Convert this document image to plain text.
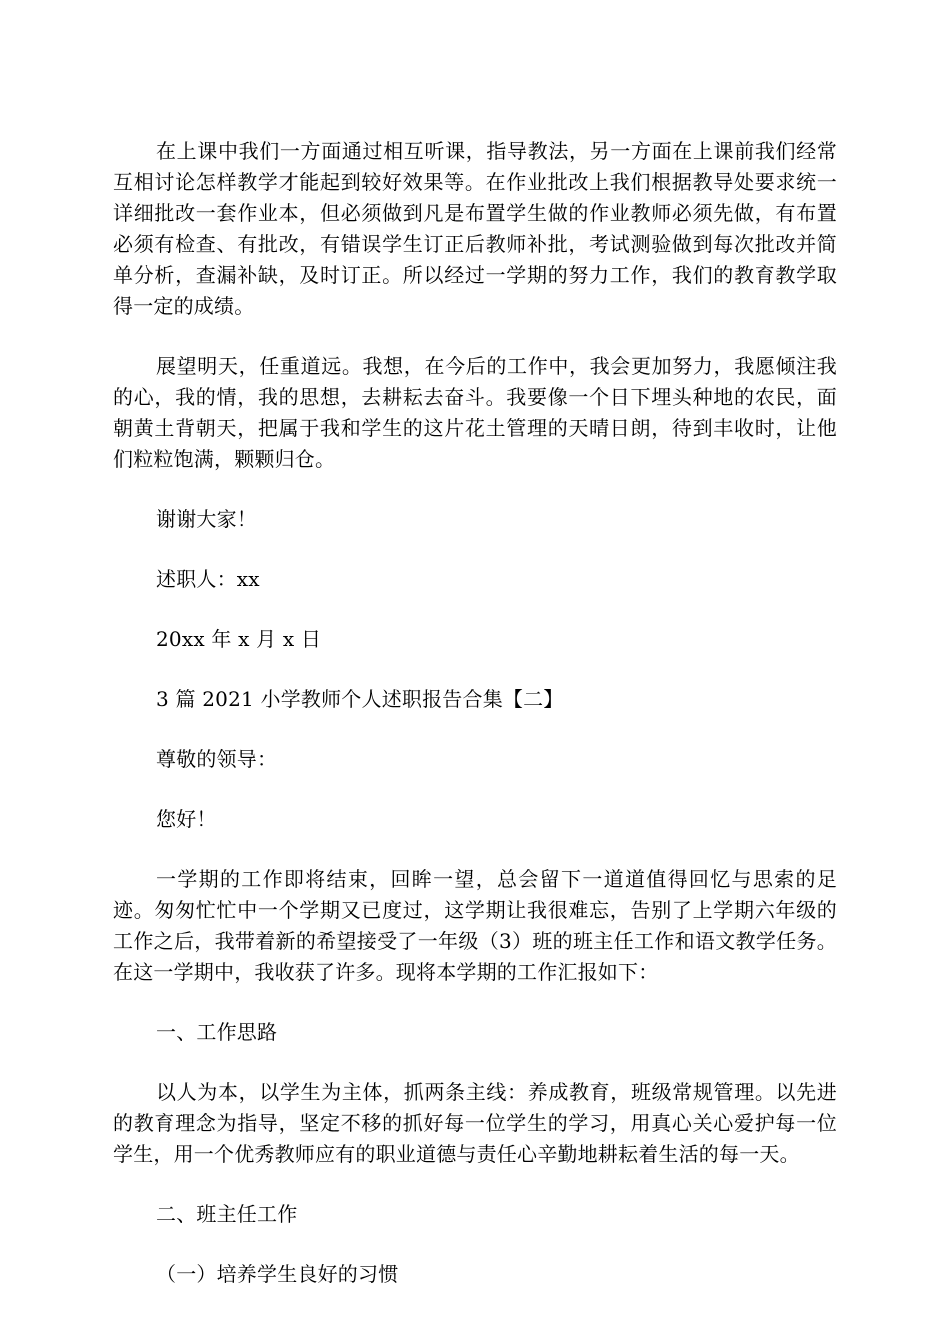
在上课中我们一方面通过相互听课，指导教法，另一方面在上课前我们经常互相讨论怎样教学才能起到较好效果等。在作业批改上我们根据教导处要求统一详细批改一套作业本，但必须做到凡是布置学生做的作业教师必须先做，有布置必须有检查、有批改，有错误学生订正后教师补批，考试测验做到每次批改并简单分析，查漏补缺，及时订正。所以经过一学期的努力工作，我们的教育教学取得一定的成绩。

展望明天，任重道远。我想，在今后的工作中，我会更加努力，我愿倾注我的心，我的情，我的思想，去耕耘去奋斗。我要像一个日下埋头种地的农民，面朝黄土背朝天，把属于我和学生的这片花土管理的天晴日朗，待到丰收时，让他们粒粒饱满，颗颗归仓。

谢谢大家！

述职人：xx

20xx 年 x 月 x 日

3 篇 2021 小学教师个人述职报告合集【二】

尊敬的领导：

您好！

一学期的工作即将结束，回眸一望，总会留下一道道值得回忆与思索的足迹。匆匆忙忙中一个学期又已度过，这学期让我很难忘，告别了上学期六年级的工作之后，我带着新的希望接受了一年级（3）班的班主任工作和语文教学任务。在这一学期中，我收获了许多。现将本学期的工作汇报如下：

一、工作思路

以人为本，以学生为主体，抓两条主线：养成教育，班级常规管理。以先进的教育理念为指导，坚定不移的抓好每一位学生的学习，用真心关心爱护每一位学生，用一个优秀教师应有的职业道德与责任心辛勤地耕耘着生活的每一天。

二、班主任工作

（一）培养学生良好的习惯
